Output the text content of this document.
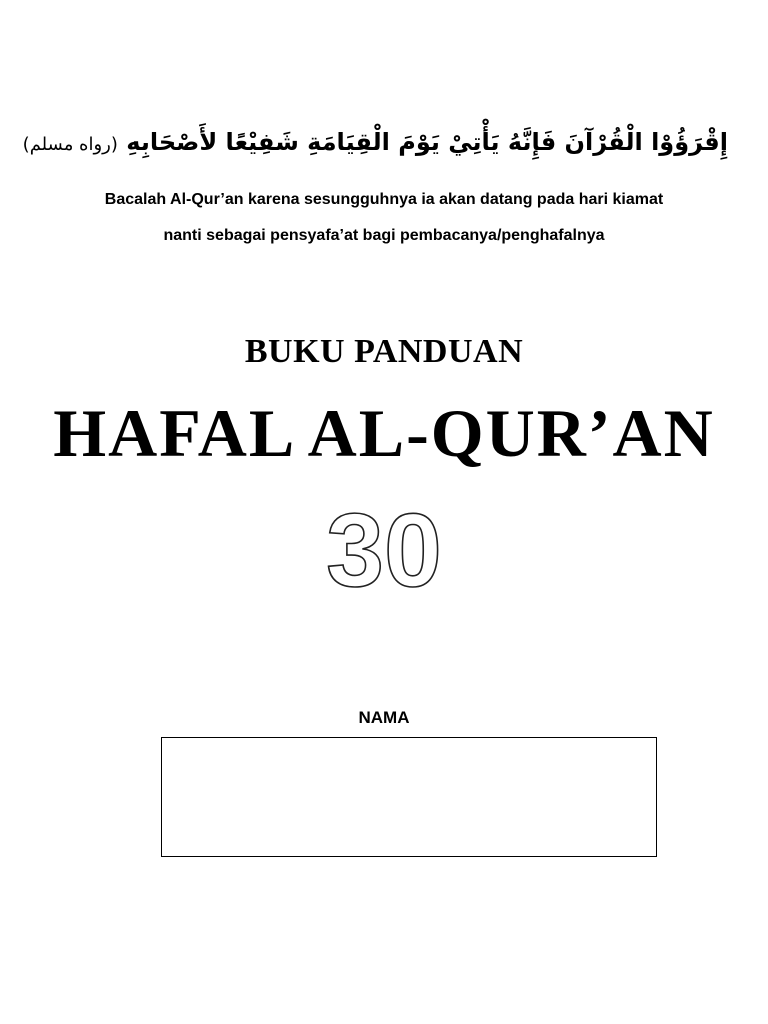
إِقْرَؤُوْا الْقُرْآنَ فَإِنَّهُ يَأْتِيْ يَوْمَ الْقِيَامَةِ شَفِيْعًا لأَصْحَابِهِ (رواه مسلم)
Bacalah Al-Qur’an karena sesungguhnya ia akan datang pada hari kiamat
nanti sebagai pensyafa’at bagi pembacanya/penghafalnya
BUKU PANDUAN
HAFAL AL-QUR’AN
30
NAMA
